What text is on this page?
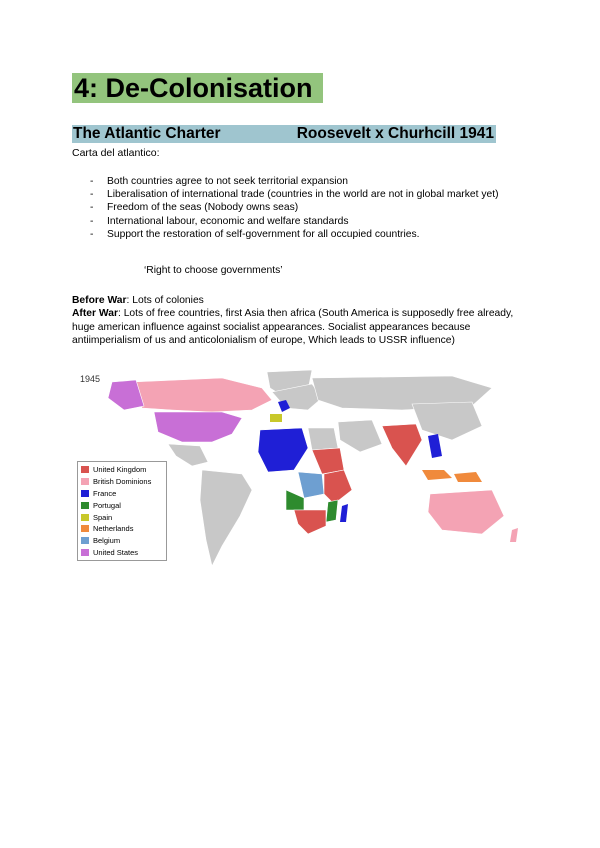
4: De-Colonisation
The Atlantic Charter	Roosevelt x Churhcill 1941
Carta del atlantico:
- Both countries agree to not seek territorial expansion
- Liberalisation of international trade (countries in the world are not in global market yet)
- Freedom of the seas (Nobody owns seas)
- International labour, economic and welfare standards
- Support the restoration of self-government for all occupied countries.
‘Right to choose governments’
Before War: Lots of colonies
After War: Lots of free countries, first Asia then africa (South America is supposedly free already, huge american influence against socialist appearances. Socialist appearances because antiimperialism of us and anticolonialism of europe, Which leads to USSR influence)
1945
United Kingdom
British Dominions
France
Portugal
Spain
Netherlands
Belgium
United States
